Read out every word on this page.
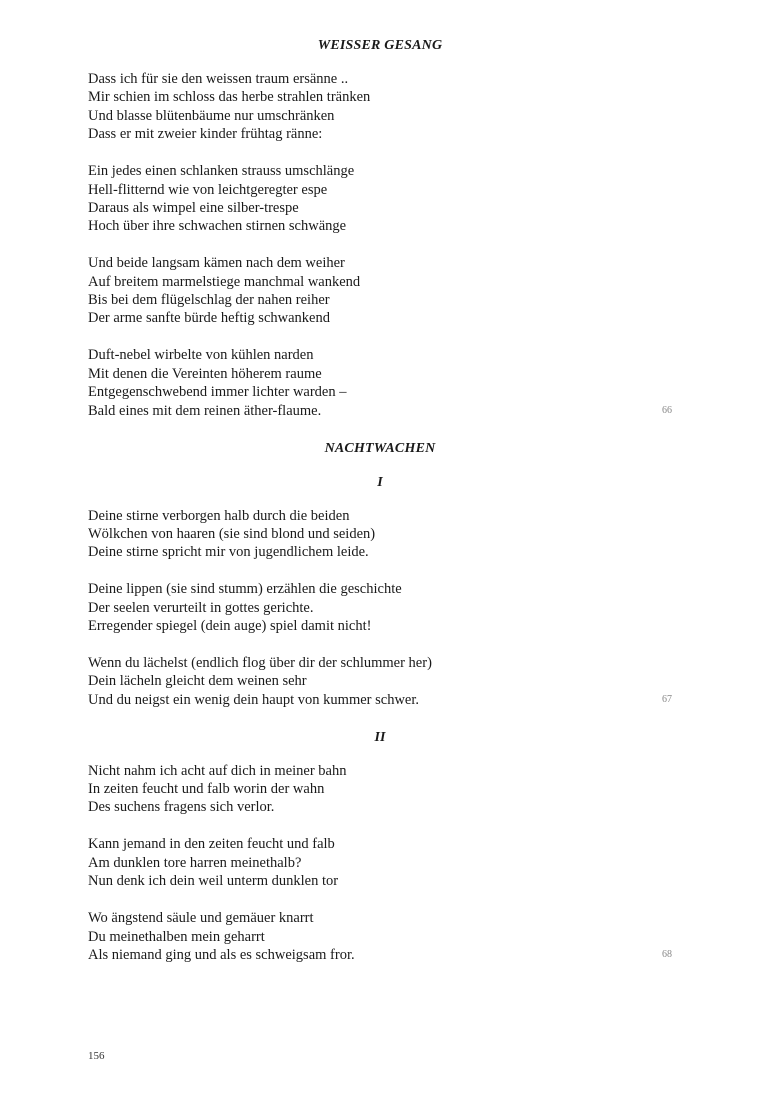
WEISSER GESANG
Dass ich für sie den weissen traum ersänne ..
Mir schien im schloss das herbe strahlen tränken
Und blasse blütenbäume nur umschränken
Dass er mit zweier kinder frühtag ränne:
Ein jedes einen schlanken strauss umschlänge
Hell-flitternd wie von leichtgeregter espe
Daraus als wimpel eine silber-trespe
Hoch über ihre schwachen stirnen schwänge
Und beide langsam kämen nach dem weiher
Auf breitem marmelstiege manchmal wankend
Bis bei dem flügelschlag der nahen reiher
Der arme sanfte bürde heftig schwankend
Duft-nebel wirbelte von kühlen narden
Mit denen die Vereinten höherem raume
Entgegenschwebend immer lichter warden –
Bald eines mit dem reinen äther-flaume.	66
NACHTWACHEN
I
Deine stirne verborgen halb durch die beiden
Wölkchen von haaren (sie sind blond und seiden)
Deine stirne spricht mir von jugendlichem leide.
Deine lippen (sie sind stumm) erzählen die geschichte
Der seelen verurteilt in gottes gerichte.
Erregender spiegel (dein auge) spiel damit nicht!
Wenn du lächelst (endlich flog über dir der schlummer her)
Dein lächeln gleicht dem weinen sehr
Und du neigst ein wenig dein haupt von kummer schwer.	67
II
Nicht nahm ich acht auf dich in meiner bahn
In zeiten feucht und falb worin der wahn
Des suchens fragens sich verlor.
Kann jemand in den zeiten feucht und falb
Am dunklen tore harren meinethalb?
Nun denk ich dein weil unterm dunklen tor
Wo ängstend säule und gemäuer knarrt
Du meinethalben mein geharrt
Als niemand ging und als es schweigsam fror.	68
156
